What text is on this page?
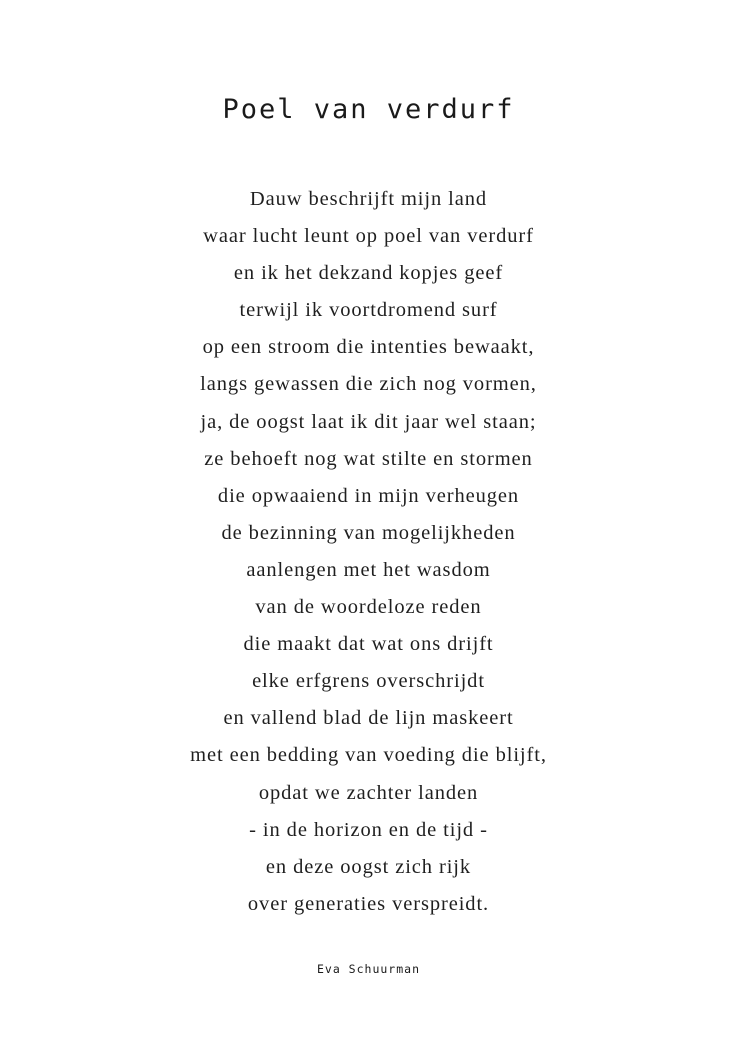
Poel van verdurf
Dauw beschrijft mijn land
waar lucht leunt op poel van verdurf
en ik het dekzand kopjes geef
terwijl ik voortdromend surf
op een stroom die intenties bewaakt,
langs gewassen die zich nog vormen,
ja, de oogst laat ik dit jaar wel staan;
ze behoeft nog wat stilte en stormen
die opwaaiend in mijn verheugen
de bezinning van mogelijkheden
aanlengen met het wasdom
van de woordeloze reden
die maakt dat wat ons drijft
elke erfgrens overschrijdt
en vallend blad de lijn maskeert
met een bedding van voeding die blijft,
opdat we zachter landen
- in de horizon en de tijd -
en deze oogst zich rijk
over generaties verspreidt.
Eva Schuurman
